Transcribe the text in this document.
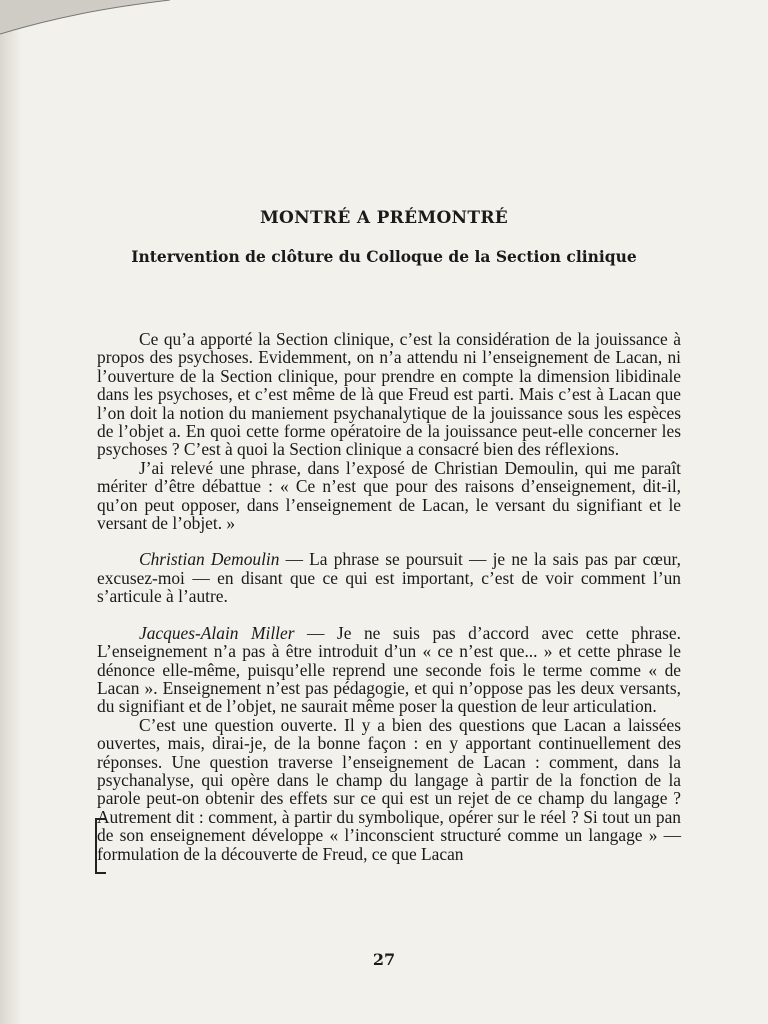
MONTRÉ A PRÉMONTRÉ
Intervention de clôture du Colloque de la Section clinique

Ce qu’a apporté la Section clinique, c’est la considération de la jouissance à propos des psychoses. Evidemment, on n’a attendu ni l’enseignement de Lacan, ni l’ouverture de la Section clinique, pour prendre en compte la dimension libidinale dans les psychoses, et c’est même de là que Freud est parti. Mais c’est à Lacan que l’on doit la notion du maniement psychanalytique de la jouissance sous les espèces de l’objet a. En quoi cette forme opératoire de la jouissance peut-elle concerner les psychoses ? C’est à quoi la Section clinique a consacré bien des réflexions.

J’ai relevé une phrase, dans l’exposé de Christian Demoulin, qui me paraît mériter d’être débattue : « Ce n’est que pour des raisons d’enseignement, dit-il, qu’on peut opposer, dans l’enseignement de Lacan, le versant du signifiant et le versant de l’objet. »

Christian Demoulin — La phrase se poursuit — je ne la sais pas par cœur, excusez-moi — en disant que ce qui est important, c’est de voir comment l’un s’articule à l’autre.

Jacques-Alain Miller — Je ne suis pas d’accord avec cette phrase. L’enseignement n’a pas à être introduit d’un « ce n’est que... » et cette phrase le dénonce elle-même, puisqu’elle reprend une seconde fois le terme comme « de Lacan ». Enseignement n’est pas pédagogie, et qui n’oppose pas les deux versants, du signifiant et de l’objet, ne saurait même poser la question de leur articulation.

C’est une question ouverte. Il y a bien des questions que Lacan a laissées ouvertes, mais, dirai-je, de la bonne façon : en y apportant continuellement des réponses. Une question traverse l’enseignement de Lacan : comment, dans la psychanalyse, qui opère dans le champ du langage à partir de la fonction de la parole peut-on obtenir des effets sur ce qui est un rejet de ce champ du langage ? Autrement dit : comment, à partir du symbolique, opérer sur le réel ? Si tout un pan de son enseignement développe « l’inconscient structuré comme un langage » — formulation de la découverte de Freud, ce que Lacan

27
